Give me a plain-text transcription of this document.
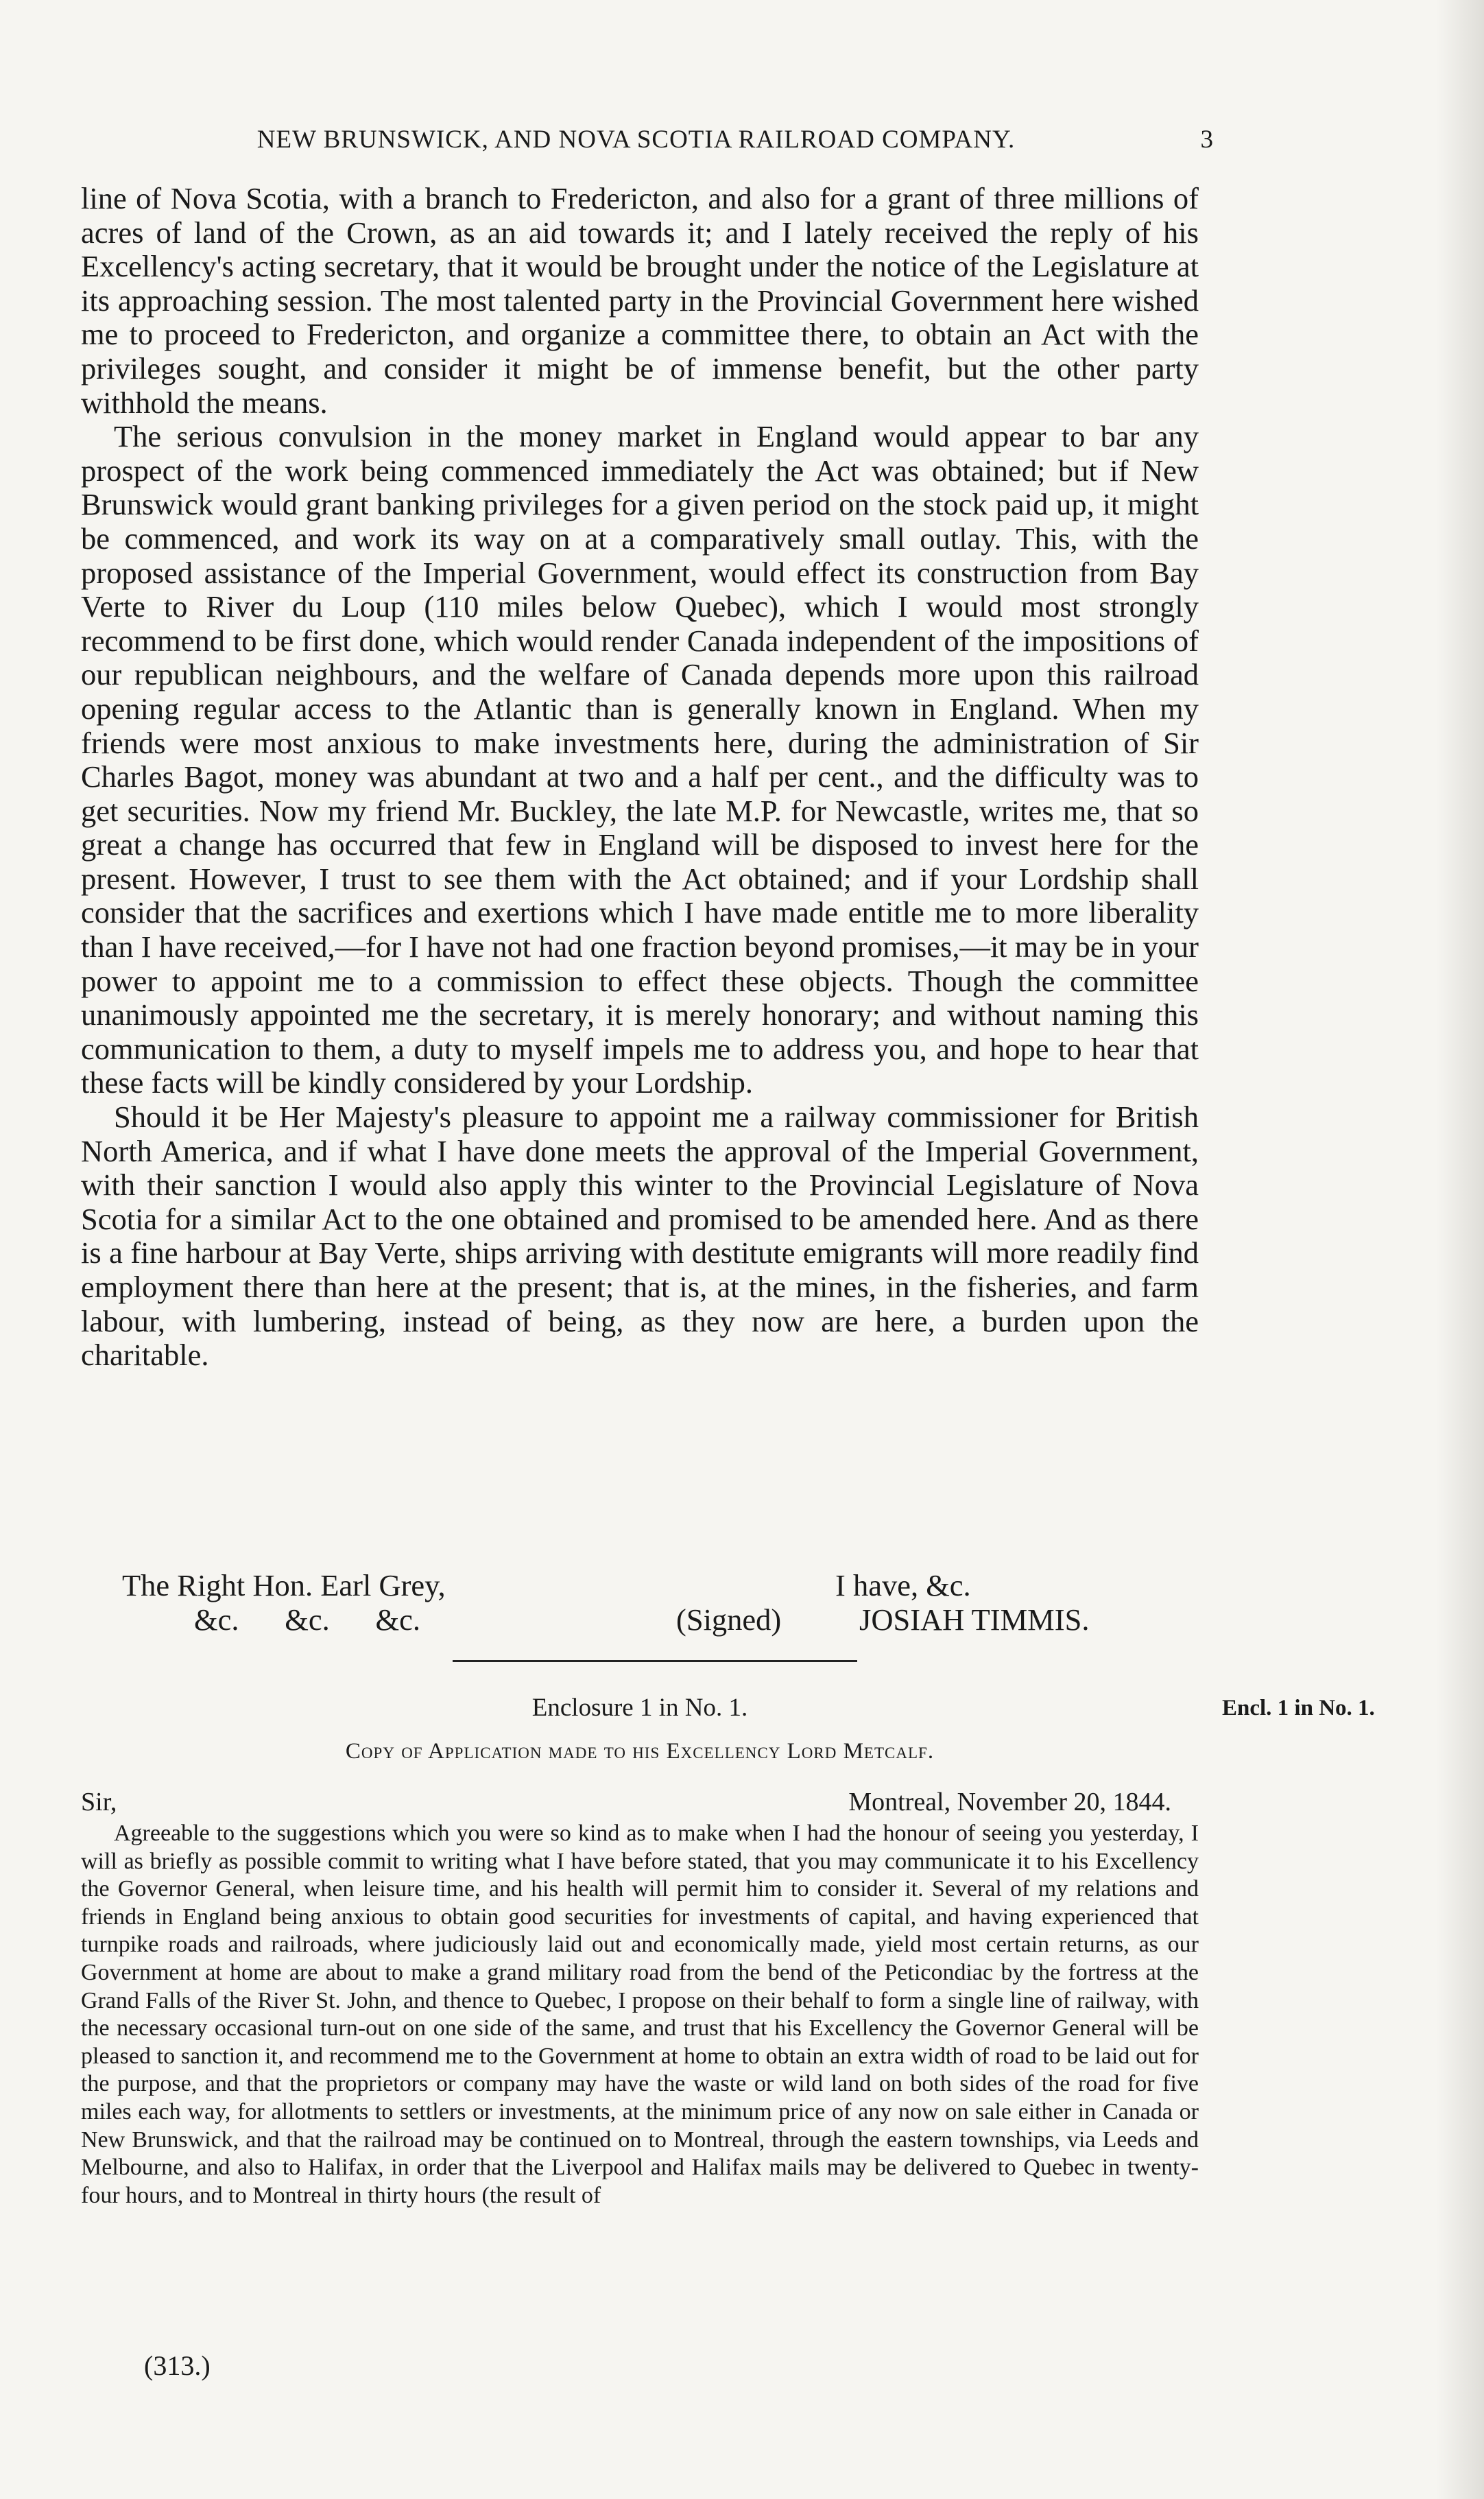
NEW BRUNSWICK, AND NOVA SCOTIA RAILROAD COMPANY.	3

line of Nova Scotia, with a branch to Fredericton, and also for a grant of three millions of acres of land of the Crown, as an aid towards it; and I lately received the reply of his Excellency's acting secretary, that it would be brought under the notice of the Legislature at its approaching session. The most talented party in the Provincial Government here wished me to proceed to Fredericton, and organize a committee there, to obtain an Act with the privileges sought, and consider it might be of immense benefit, but the other party withhold the means.

The serious convulsion in the money market in England would appear to bar any prospect of the work being commenced immediately the Act was obtained; but if New Brunswick would grant banking privileges for a given period on the stock paid up, it might be commenced, and work its way on at a comparatively small outlay. This, with the proposed assistance of the Imperial Government, would effect its construction from Bay Verte to River du Loup (110 miles below Quebec), which I would most strongly recommend to be first done, which would render Canada independent of the impositions of our republican neighbours, and the welfare of Canada depends more upon this railroad opening regular access to the Atlantic than is generally known in England. When my friends were most anxious to make investments here, during the administration of Sir Charles Bagot, money was abundant at two and a half per cent., and the difficulty was to get securities. Now my friend Mr. Buckley, the late M.P. for Newcastle, writes me, that so great a change has occurred that few in England will be disposed to invest here for the present. However, I trust to see them with the Act obtained; and if your Lordship shall consider that the sacrifices and exertions which I have made entitle me to more liberality than I have received,—for I have not had one fraction beyond promises,—it may be in your power to appoint me to a commission to effect these objects. Though the committee unanimously appointed me the secretary, it is merely honorary; and without naming this communication to them, a duty to myself impels me to address you, and hope to hear that these facts will be kindly considered by your Lordship.

Should it be Her Majesty's pleasure to appoint me a railway commissioner for British North America, and if what I have done meets the approval of the Imperial Government, with their sanction I would also apply this winter to the Provincial Legislature of Nova Scotia for a similar Act to the one obtained and promised to be amended here. And as there is a fine harbour at Bay Verte, ships arriving with destitute emigrants will more readily find employment there than here at the present; that is, at the mines, in the fisheries, and farm labour, with lumbering, instead of being, as they now are here, a burden upon the charitable.

The Right Hon. Earl Grey,	I have, &c.
&c.      &c.      &c.	(Signed)	JOSIAH TIMMIS.
Enclosure 1 in No. 1.	Encl. 1 in No. 1.
Copy of Application made to his Excellency Lord Metcalf.
Sir,	Montreal, November 20, 1844.

Agreeable to the suggestions which you were so kind as to make when I had the honour of seeing you yesterday, I will as briefly as possible commit to writing what I have before stated, that you may communicate it to his Excellency the Governor General, when leisure time, and his health will permit him to consider it. Several of my relations and friends in England being anxious to obtain good securities for investments of capital, and having experienced that turnpike roads and railroads, where judiciously laid out and economically made, yield most certain returns, as our Government at home are about to make a grand military road from the bend of the Peticondiac by the fortress at the Grand Falls of the River St. John, and thence to Quebec, I propose on their behalf to form a single line of railway, with the necessary occasional turn-out on one side of the same, and trust that his Excellency the Governor General will be pleased to sanction it, and recommend me to the Government at home to obtain an extra width of road to be laid out for the purpose, and that the proprietors or company may have the waste or wild land on both sides of the road for five miles each way, for allotments to settlers or investments, at the minimum price of any now on sale either in Canada or New Brunswick, and that the railroad may be continued on to Montreal, through the eastern townships, via Leeds and Melbourne, and also to Halifax, in order that the Liverpool and Halifax mails may be delivered to Quebec in twenty-four hours, and to Montreal in thirty hours (the result of

(313.)
